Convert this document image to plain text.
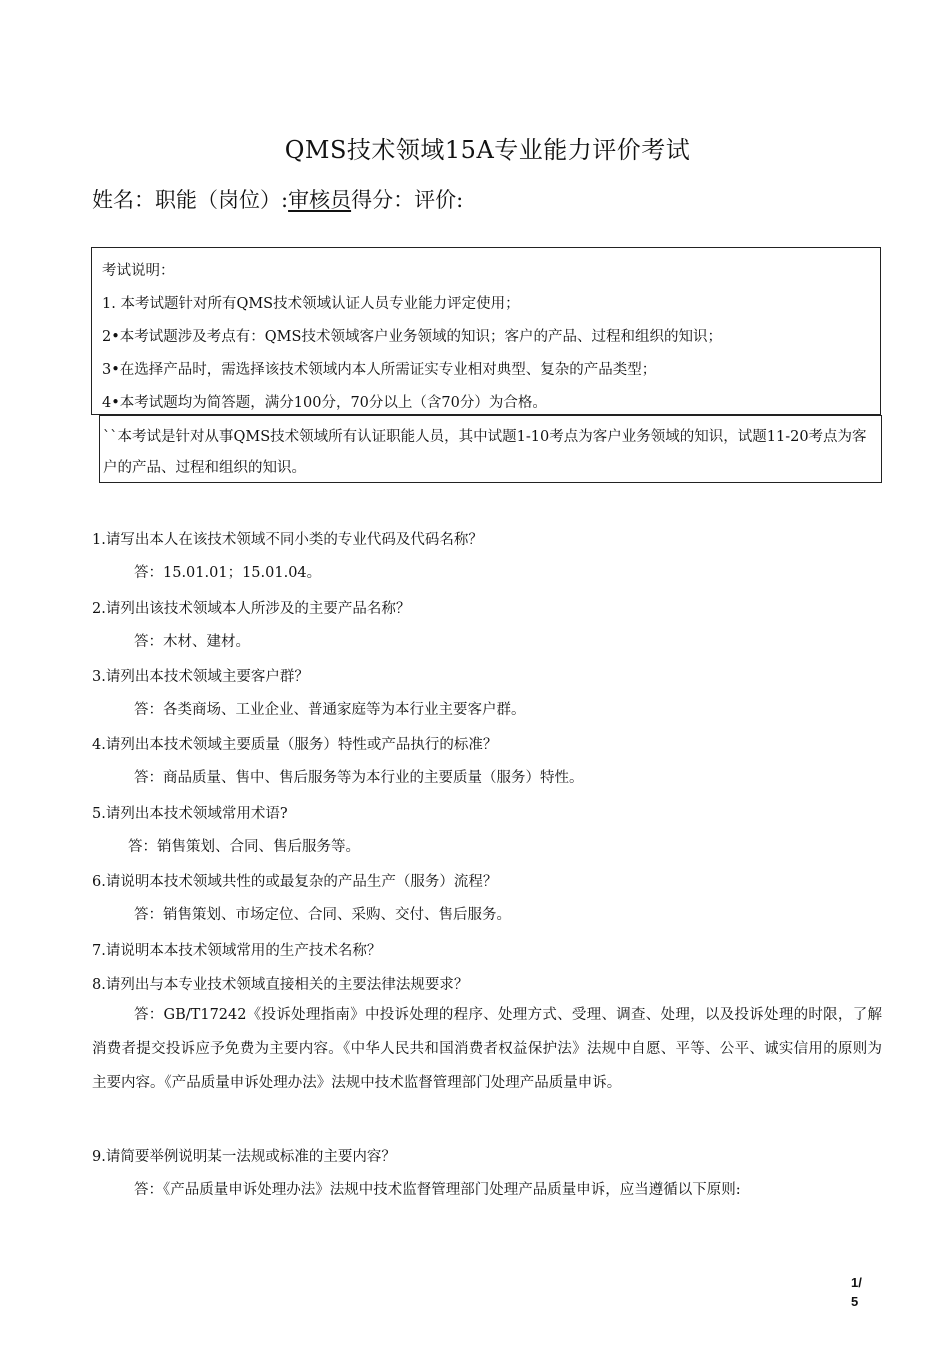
QMS技术领域15A专业能力评价考试
姓名：职能（岗位）:审核员得分：评价:
考试说明：
1. 本考试题针对所有QMS技术领域认证人员专业能力评定使用；
2•本考试题涉及考点有：QMS技术领域客户业务领域的知识；客户的产品、过程和组织的知识；
3•在选择产品时，需选择该技术领域内本人所需证实专业相对典型、复杂的产品类型；
4•本考试题均为简答题，满分100分，70分以上（含70分）为合格。
``本考试是针对从事QMS技术领域所有认证职能人员，其中试题1-10考点为客户业务领域的知识，试题11-20考点为客户的产品、过程和组织的知识。
1.请写出本人在该技术领域不同小类的专业代码及代码名称？
答：15.01.01；15.01.04。
2.请列出该技术领域本人所涉及的主要产品名称？
答：木材、建材。
3.请列出本技术领域主要客户群？
答：各类商场、工业企业、普通家庭等为本行业主要客户群。
4.请列出本技术领域主要质量（服务）特性或产品执行的标准？
答：商品质量、售中、售后服务等为本行业的主要质量（服务）特性。
5.请列出本技术领域常用术语?
答：销售策划、合同、售后服务等。
6.请说明本技术领域共性的或最复杂的产品生产（服务）流程？
答：销售策划、市场定位、合同、采购、交付、售后服务。
7.请说明本本技术领域常用的生产技术名称？
8.请列出与本专业技术领域直接相关的主要法律法规要求？
答：GB/T17242《投诉处理指南》中投诉处理的程序、处理方式、受理、调查、处理，以及投诉处理的时限，了解消费者提交投诉应予免费为主要内容。《中华人民共和国消费者权益保护法》法规中自愿、平等、公平、诚实信用的原则为主要内容。《产品质量申诉处理办法》法规中技术监督管理部门处理产品质量申诉。
9.请简要举例说明某一法规或标准的主要内容？
答：《产品质量申诉处理办法》法规中技术监督管理部门处理产品质量申诉，应当遵循以下原则:
1/
5
